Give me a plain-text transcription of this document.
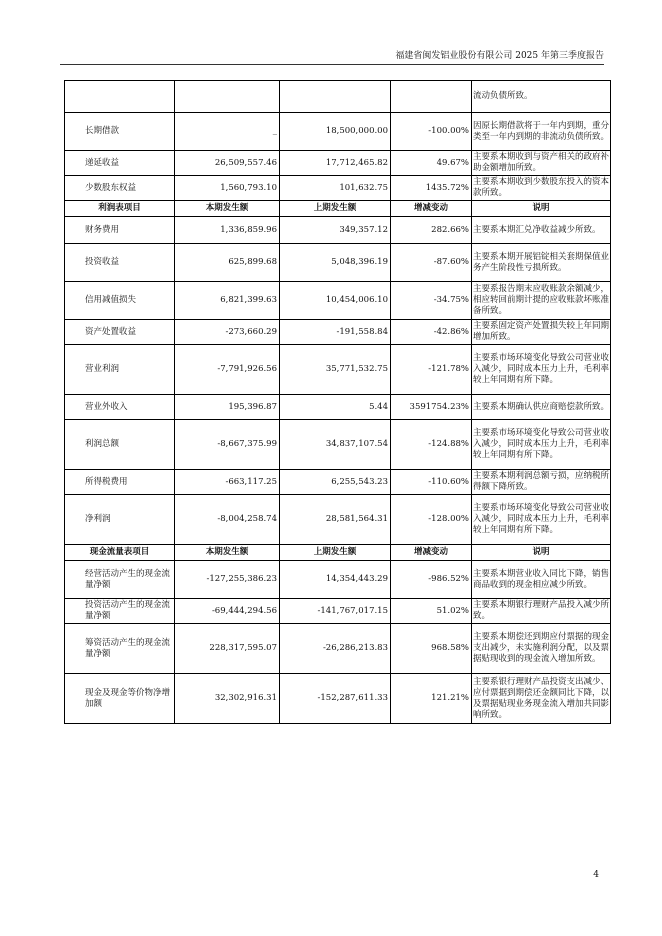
福建省闽发铝业股份有限公司 2025 年第三季度报告
				流动负债所致。
长期借款	_	18,500,000.00	-100.00%	因原长期借款将于一年内到期，重分类至一年内到期的非流动负债所致。
递延收益	26,509,557.46	17,712,465.82	49.67%	主要系本期收到与资产相关的政府补助金额增加所致。
少数股东权益	1,560,793.10	101,632.75	1435.72%	主要系本期收到少数股东投入的资本款所致。
利润表项目	本期发生额	上期发生额	增减变动	说明
财务费用	1,336,859.96	349,357.12	282.66%	主要系本期汇兑净收益减少所致。
投资收益	625,899.68	5,048,396.19	-87.60%	主要系本期开展铝锭相关套期保值业务产生阶段性亏损所致。
信用减值损失	6,821,399.63	10,454,006.10	-34.75%	主要系报告期末应收账款余额减少，相应转回前期计提的应收账款坏账准备所致。
资产处置收益	-273,660.29	-191,558.84	-42.86%	主要系固定资产处置损失较上年同期增加所致。
营业利润	-7,791,926.56	35,771,532.75	-121.78%	主要系市场环境变化导致公司营业收入减少，同时成本压力上升，毛利率较上年同期有所下降。
营业外收入	195,396.87	5.44	3591754.23%	主要系本期确认供应商赔偿款所致。
利润总额	-8,667,375.99	34,837,107.54	-124.88%	主要系市场环境变化导致公司营业收入减少，同时成本压力上升，毛利率较上年同期有所下降。
所得税费用	-663,117.25	6,255,543.23	-110.60%	主要系本期利润总额亏损，应纳税所得额下降所致。
净利润	-8,004,258.74	28,581,564.31	-128.00%	主要系市场环境变化导致公司营业收入减少，同时成本压力上升，毛利率较上年同期有所下降。
现金流量表项目	本期发生额	上期发生额	增减变动	说明
经营活动产生的现金流量净额	-127,255,386.23	14,354,443.29	-986.52%	主要系本期营业收入同比下降，销售商品收到的现金相应减少所致。
投资活动产生的现金流量净额	-69,444,294.56	-141,767,017.15	51.02%	主要系本期银行理财产品投入减少所致。
筹资活动产生的现金流量净额	228,317,595.07	-26,286,213.83	968.58%	主要系本期偿还到期应付票据的现金支出减少，未实施利润分配，以及票据贴现收到的现金流入增加所致。
现金及现金等价物净增加额	32,302,916.31	-152,287,611.33	121.21%	主要系银行理财产品投资支出减少、应付票据到期偿还金额同比下降，以及票据贴现业务现金流入增加共同影响所致。
4
